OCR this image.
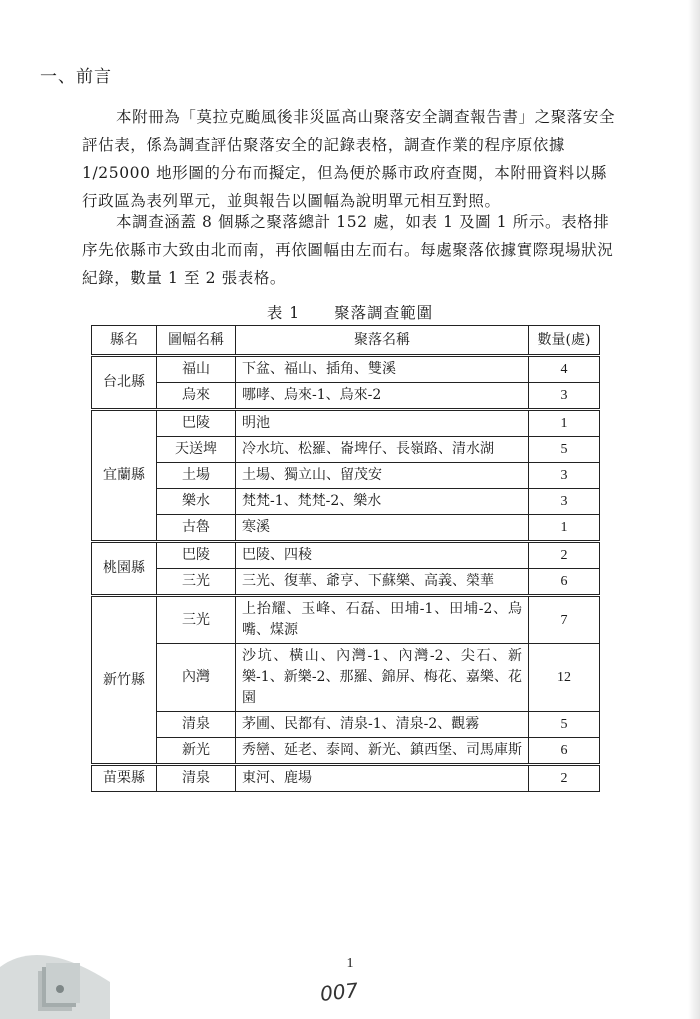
一、前言

本附冊為「莫拉克颱風後非災區高山聚落安全調查報告書」之聚落安全評估表，係為調查評估聚落安全的記錄表格，調查作業的程序原依據 1/25000 地形圖的分布而擬定，但為便於縣市政府查閱，本附冊資料以縣行政區為表列單元，並與報告以圖幅為說明單元相互對照。

本調查涵蓋 8 個縣之聚落總計 152 處，如表 1 及圖 1 所示。表格排序先依縣市大致由北而南，再依圖幅由左而右。每處聚落依據實際現場狀況紀錄，數量 1 至 2 張表格。

表 1 聚落調查範圍
縣名	圖幅名稱	聚落名稱	數量(處)
台北縣	福山	下盆、福山、插角、雙溪	4
	烏來	哪哮、烏來-1、烏來-2	3
宜蘭縣	巴陵	明池	1
	天送埤	冷水坑、松羅、崙埤仔、長嶺路、清水湖	5
	土場	土場、獨立山、留茂安	3
	樂水	梵梵-1、梵梵-2、樂水	3
	古魯	寒溪	1
桃園縣	巴陵	巴陵、四稜	2
	三光	三光、復華、爺亨、下蘇樂、高義、榮華	6
新竹縣	三光	上抬耀、玉峰、石磊、田埔-1、田埔-2、烏嘴、煤源	7
	內灣	沙坑、橫山、內灣-1、內灣-2、尖石、新樂-1、新樂-2、那羅、錦屏、梅花、嘉樂、花園	12
	清泉	茅圃、民都有、清泉-1、清泉-2、觀霧	5
	新光	秀巒、延老、泰岡、新光、鎮西堡、司馬庫斯	6
苗栗縣	清泉	東河、鹿場	2
1
007
